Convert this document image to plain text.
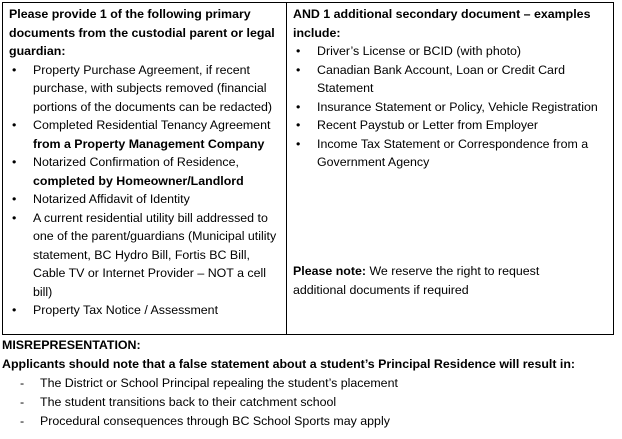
Please provide 1 of the following primary documents from the custodial parent or legal guardian:
• Property Purchase Agreement, if recent purchase, with subjects removed (financial portions of the documents can be redacted)
• Completed Residential Tenancy Agreement
from a Property Management Company
• Notarized Confirmation of Residence,
completed by Homeowner/Landlord
• Notarized Affidavit of Identity
• A current residential utility bill addressed to one of the parent/guardians (Municipal utility statement, BC Hydro Bill, Fortis BC Bill, Cable TV or Internet Provider – NOT a cell bill)
• Property Tax Notice / Assessment
AND 1 additional secondary document – examples include:
• Driver’s License or BCID (with photo)
• Canadian Bank Account, Loan or Credit Card Statement
• Insurance Statement or Policy, Vehicle Registration
• Recent Paystub or Letter from Employer
• Income Tax Statement or Correspondence from a Government Agency
Please note: We reserve the right to request additional documents if required
MISREPRESENTATION:
Applicants should note that a false statement about a student’s Principal Residence will result in:
- The District or School Principal repealing the student’s placement
- The student transitions back to their catchment school
- Procedural consequences through BC School Sports may apply
